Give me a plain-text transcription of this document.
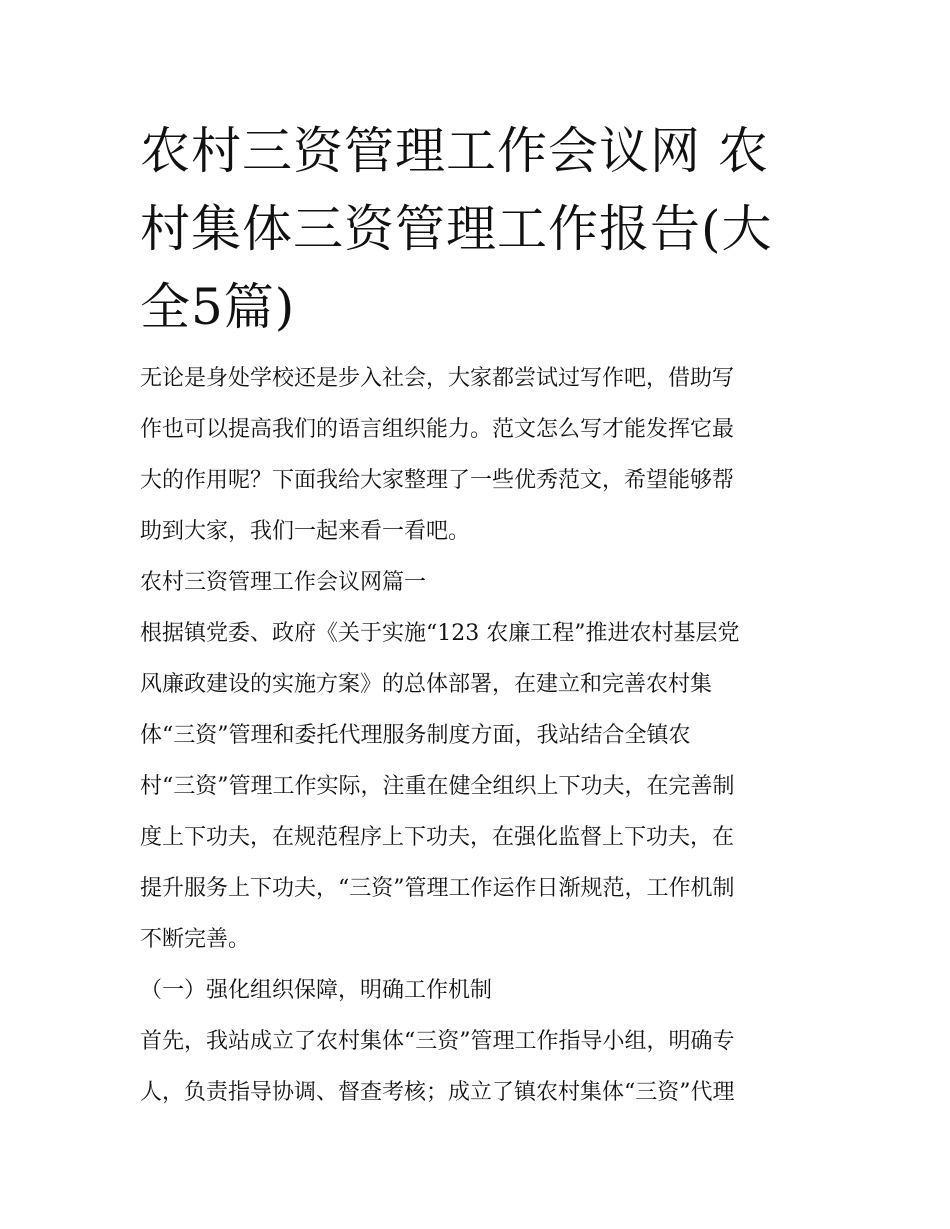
农村三资管理工作会议网 农村集体三资管理工作报告(大全5篇)

无论是身处学校还是步入社会，大家都尝试过写作吧，借助写

作也可以提高我们的语言组织能力。范文怎么写才能发挥它最

大的作用呢？下面我给大家整理了一些优秀范文，希望能够帮

助到大家，我们一起来看一看吧。

农村三资管理工作会议网篇一

根据镇党委、政府《关于实施“123 农廉工程”推进农村基层党

风廉政建设的实施方案》的总体部署，在建立和完善农村集

体“三资”管理和委托代理服务制度方面，我站结合全镇农

村“三资”管理工作实际，注重在健全组织上下功夫，在完善制

度上下功夫，在规范程序上下功夫，在强化监督上下功夫，在

提升服务上下功夫，“三资”管理工作运作日渐规范，工作机制

不断完善。

（一）强化组织保障，明确工作机制

首先，我站成立了农村集体“三资”管理工作指导小组，明确专

人，负责指导协调、督查考核；成立了镇农村集体“三资”代理
